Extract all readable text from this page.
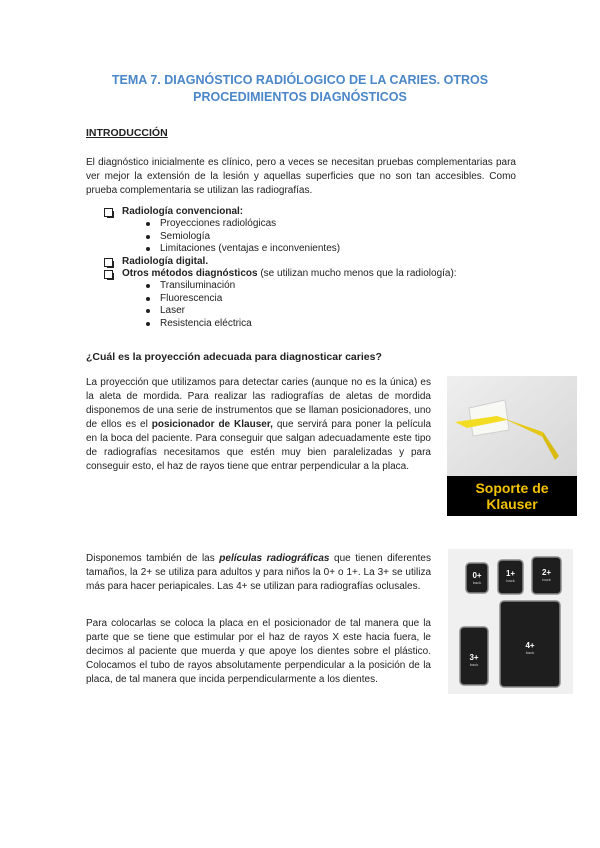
TEMA 7. DIAGNÓSTICO RADIÓLOGICO DE LA CARIES. OTROS
PROCEDIMIENTOS DIAGNÓSTICOS
INTRODUCCIÓN
El diagnóstico inicialmente es clínico, pero a veces se necesitan pruebas complementarias para ver mejor la extensión de la lesión y aquellas superficies que no son tan accesibles. Como prueba complementaria se utilizan las radiografías.
Radiología convencional:
Proyecciones radiológicas
Semiología
Limitaciones (ventajas e inconvenientes)
Radiología digital.
Otros métodos diagnósticos (se utilizan mucho menos que la radiología):
Transiluminación
Fluorescencia
Laser
Resistencia eléctrica
¿Cuál es la proyección adecuada para diagnosticar caries?
La proyección que utilizamos para detectar caries (aunque no es la única) es la aleta de mordida. Para realizar las radiografías de aletas de mordida disponemos de una serie de instrumentos que se llaman posicionadores, uno de ellos es el posicionador de Klauser, que servirá para poner la película en la boca del paciente. Para conseguir que salgan adecuadamente este tipo de radiografías necesitamos que estén muy bien paralelizadas y para conseguir esto, el haz de rayos tiene que entrar perpendicular a la placa.
Soporte de
Klauser
Disponemos también de las películas radiográficas que tienen diferentes tamaños, la 2+ se utiliza para adultos y para niños la 0+ o 1+. La 3+ se utiliza más para hacer periapicales. Las 4+ se utilizan para radiografías oclusales.
Para colocarlas se coloca la placa en el posicionador de tal manera que la parte que se tiene que estimular por el haz de rayos X este hacia fuera, le decimos al paciente que muerda y que apoye los dientes sobre el plástico. Colocamos el tubo de rayos absolutamente perpendicular a la posición de la placa, de tal manera que incida perpendicularmente a los dientes.
0+
back
1+
back
2+
back
3+
back
4+
back
